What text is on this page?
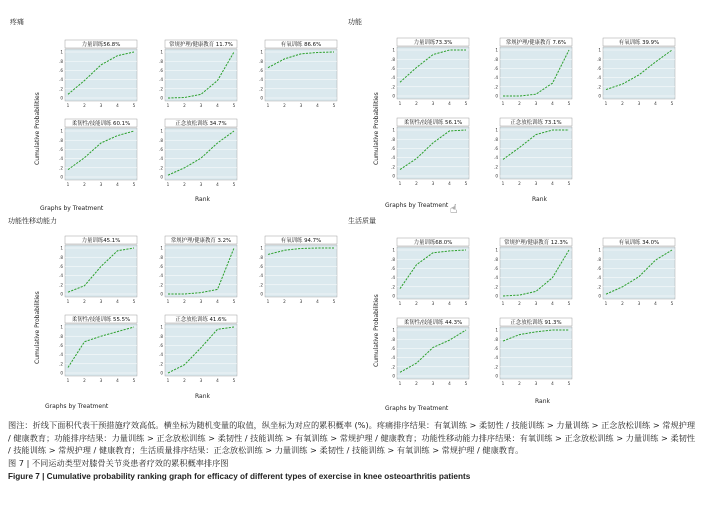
疼痛
Cumulative Probabilities
Rank
Graphs by Treatment
力量训练56.8%
0
.2
.4
.6
.8
1
1	2	3	4	5
常规护理/健康教育 11.7%
0
.2
.4
.6
.8
1
1	2	3	4	5
有氧训练 86.6%
0
.2
.4
.6
.8
1
1	2	3	4	5
柔韧性/技能训练 60.1%
0
.2
.4
.6
.8
1
1	2	3	4	5
正念放松训练 34.7%
0
.2
.4
.6
.8
1
1	2	3	4	5
功能
Cumulative Probabilities
Rank
Graphs by Treatment
力量训练73.3%
0
.2
.4
.6
.8
1
1	2	3	4	5
常规护理/健康教育 7.6%
0
.2
.4
.6
.8
1
1	2	3	4	5
有氧训练 39.9%
0
.2
.4
.6
.8
1
1	2	3	4	5
柔韧性/技能训练 56.1%
0
.2
.4
.6
.8
1
1	2	3	4	5
正念放松训练 73.1%
0
.2
.4
.6
.8
1
1	2	3	4	5
功能性移动能力
Cumulative Probabilities
Rank
Graphs by Treatment
力量训练45.1%
0
.2
.4
.6
.8
1
1	2	3	4	5
常规护理/健康教育 3.2%
0
.2
.4
.6
.8
1
1	2	3	4	5
有氧训练 94.7%
0
.2
.4
.6
.8
1
1	2	3	4	5
柔韧性/技能训练 55.5%
0
.2
.4
.6
.8
1
1	2	3	4	5
正念放松训练 41.6%
0
.2
.4
.6
.8
1
1	2	3	4	5
生活质量
Cumulative Probabilities
Rank
Graphs by Treatment
力量训练68.0%
0
.2
.4
.6
.8
1
1	2	3	4	5
常规护理/健康教育 12.3%
0
.2
.4
.6
.8
1
1	2	3	4	5
有氧训练 34.0%
0
.2
.4
.6
.8
1
1	2	3	4	5
柔韧性/技能训练 44.3%
0
.2
.4
.6
.8
1
1	2	3	4	5
正念放松训练 91.3%
0
.2
.4
.6
.8
1
1	2	3	4	5
图注：折线下面积代表干预措施疗效高低。横坐标为随机变量的取值，纵坐标为对应的累积概率 (%)。疼痛排序结果：有氧训练 > 柔韧性 / 技能训练 > 力量训练 > 正念放松训练 > 常规护理 / 健康教育；功能排序结果：力量训练 > 正念放松训练 > 柔韧性 / 技能训练 > 有氧训练 > 常规护理 / 健康教育；功能性移动能力排序结果：有氧训练 > 正念放松训练 > 力量训练 > 柔韧性 / 技能训练 > 常规护理 / 健康教育；生活质量排序结果：正念放松训练 > 力量训练 > 柔韧性 / 技能训练 > 有氧训练 > 常规护理 / 健康教育。
图 7 | 不同运动类型对膝骨关节炎患者疗效的累积概率排序图
Figure 7 | Cumulative probability ranking graph for efficacy of different types of exercise in knee osteoarthritis patients
☝
